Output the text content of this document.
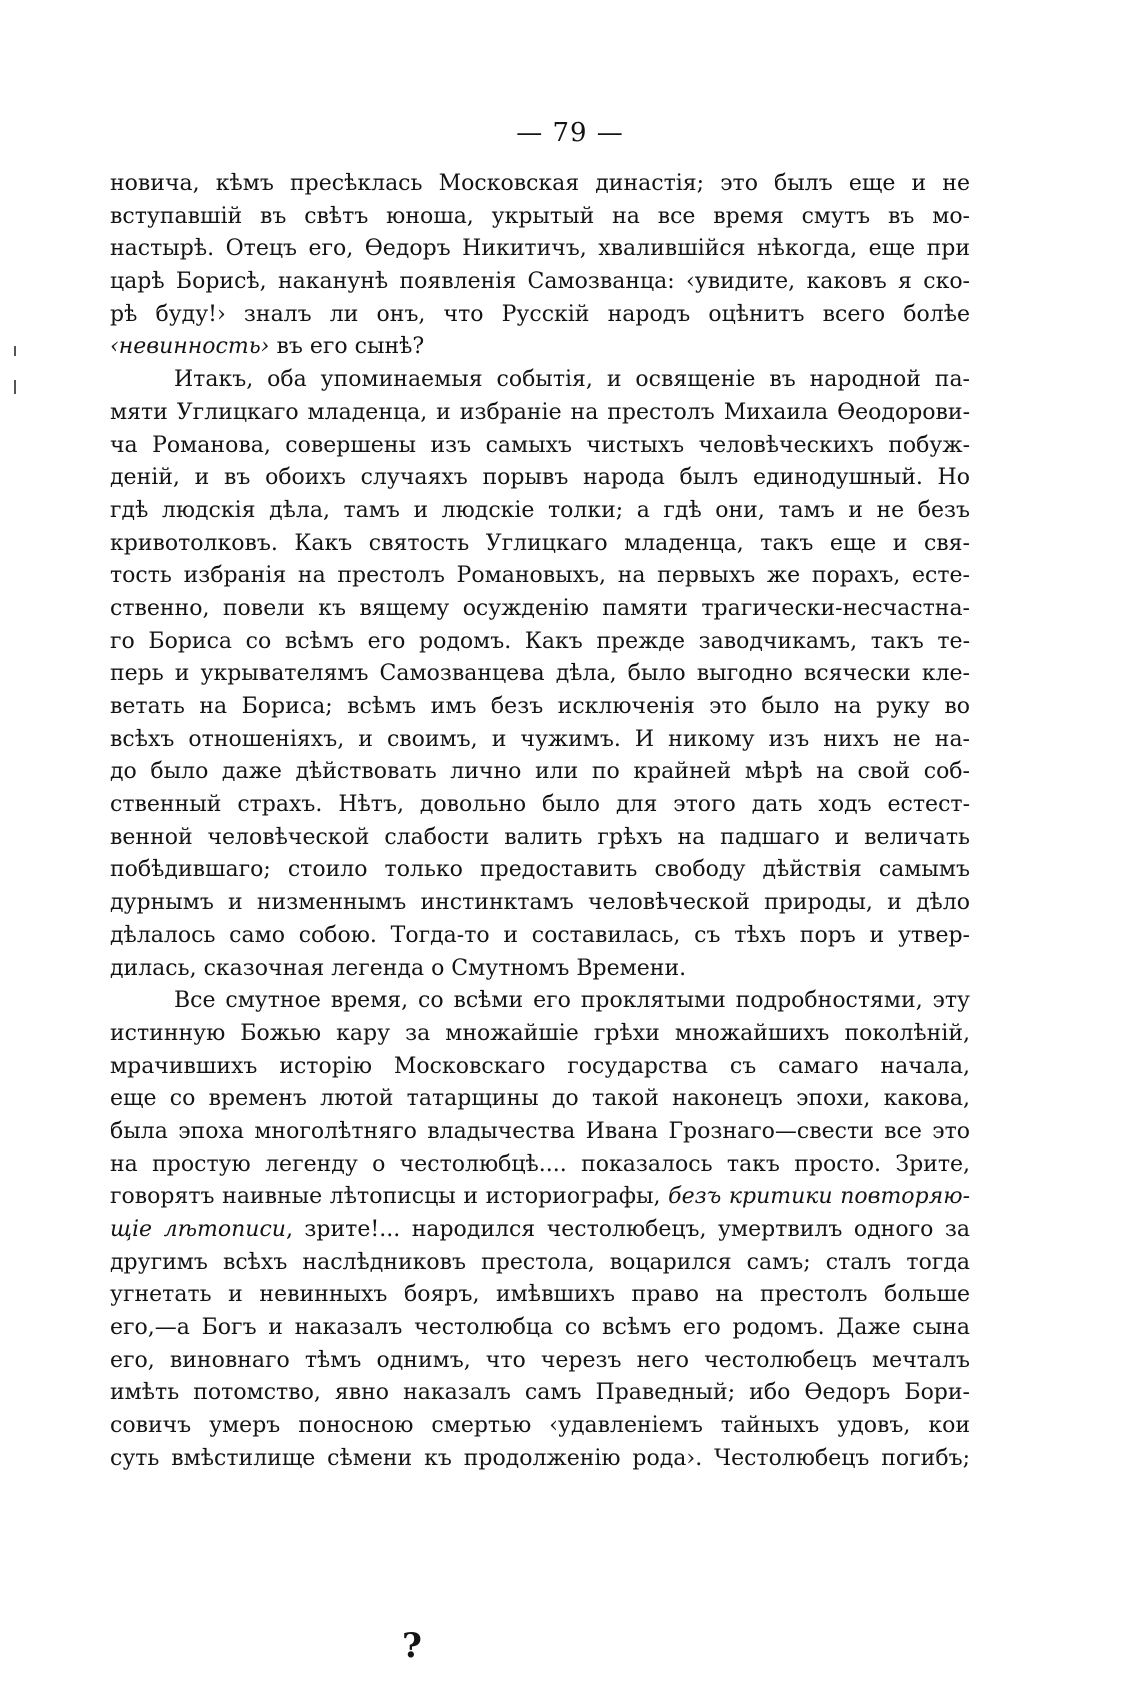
— 79 —
новича, кѣмъ пресѣклась Московская династія; это былъ еще и не
вступавшій въ свѣтъ юноша, укрытый на все время смутъ въ мо-
настырѣ. Отецъ его, Ѳедоръ Никитичъ, хвалившійся нѣкогда, еще при
царѣ Борисѣ, наканунѣ появленія Самозванца: ‹увидите, каковъ я ско-
рѣ буду!› зналъ ли онъ, что Русскій народъ оцѣнитъ всего болѣе
‹невинность› въ его сынѣ?
Итакъ, оба упоминаемыя событія, и освященіе въ народной па-
мяти Углицкаго младенца, и избраніе на престолъ Михаила Ѳеодорови-
ча Романова, совершены изъ самыхъ чистыхъ человѣческихъ побуж-
деній, и въ обоихъ случаяхъ порывъ народа былъ единодушный. Но
гдѣ людскія дѣла, тамъ и людскіе толки; а гдѣ они, тамъ и не безъ
кривотолковъ. Какъ святость Углицкаго младенца, такъ еще и свя-
тость избранія на престолъ Романовыхъ, на первыхъ же порахъ, есте-
ственно, повели къ вящему осужденію памяти трагически-несчастна-
го Бориса со всѣмъ его родомъ. Какъ прежде заводчикамъ, такъ те-
перь и укрывателямъ Самозванцева дѣла, было выгодно всячески кле-
ветать на Бориса; всѣмъ имъ безъ исключенія это было на руку во
всѣхъ отношеніяхъ, и своимъ, и чужимъ. И никому изъ нихъ не на-
до было даже дѣйствовать лично или по крайней мѣрѣ на свой соб-
ственный страхъ. Нѣтъ, довольно было для этого дать ходъ естест-
венной человѣческой слабости валить грѣхъ на падшаго и величать
побѣдившаго; стоило только предоставить свободу дѣйствія самымъ
дурнымъ и низменнымъ инстинктамъ человѣческой природы, и дѣло
дѣлалось само собою. Тогда-то и составилась, съ тѣхъ поръ и утвер-
дилась, сказочная легенда о Смутномъ Времени.
Все смутное время, со всѣми его проклятыми подробностями, эту
истинную Божью кару за множайшіе грѣхи множайшихъ поколѣній,
мрачившихъ исторію Московскаго государства съ самаго начала,
еще со временъ лютой татарщины до такой наконецъ эпохи, какова,
была эпоха многолѣтняго владычества Ивана Грознаго—свести все это
на простую легенду о честолюбцѣ.... показалось такъ просто. Зрите,
говорятъ наивные лѣтописцы и историографы, безъ критики повторяю-
щіе лѣтописи, зрите!... народился честолюбецъ, умертвилъ одного за
другимъ всѣхъ наслѣдниковъ престола, воцарился самъ; сталъ тогда
угнетать и невинныхъ бояръ, имѣвшихъ право на престолъ больше
его,—а Богъ и наказалъ честолюбца со всѣмъ его родомъ. Даже сына
его, виновнаго тѣмъ однимъ, что черезъ него честолюбецъ мечталъ
имѣть потомство, явно наказалъ самъ Праведный; ибо Ѳедоръ Бори-
совичъ умеръ поносною смертью ‹удавленіемъ тайныхъ удовъ, кои
суть вмѣстилище сѣмени къ продолженію рода›. Честолюбецъ погибъ;
?
